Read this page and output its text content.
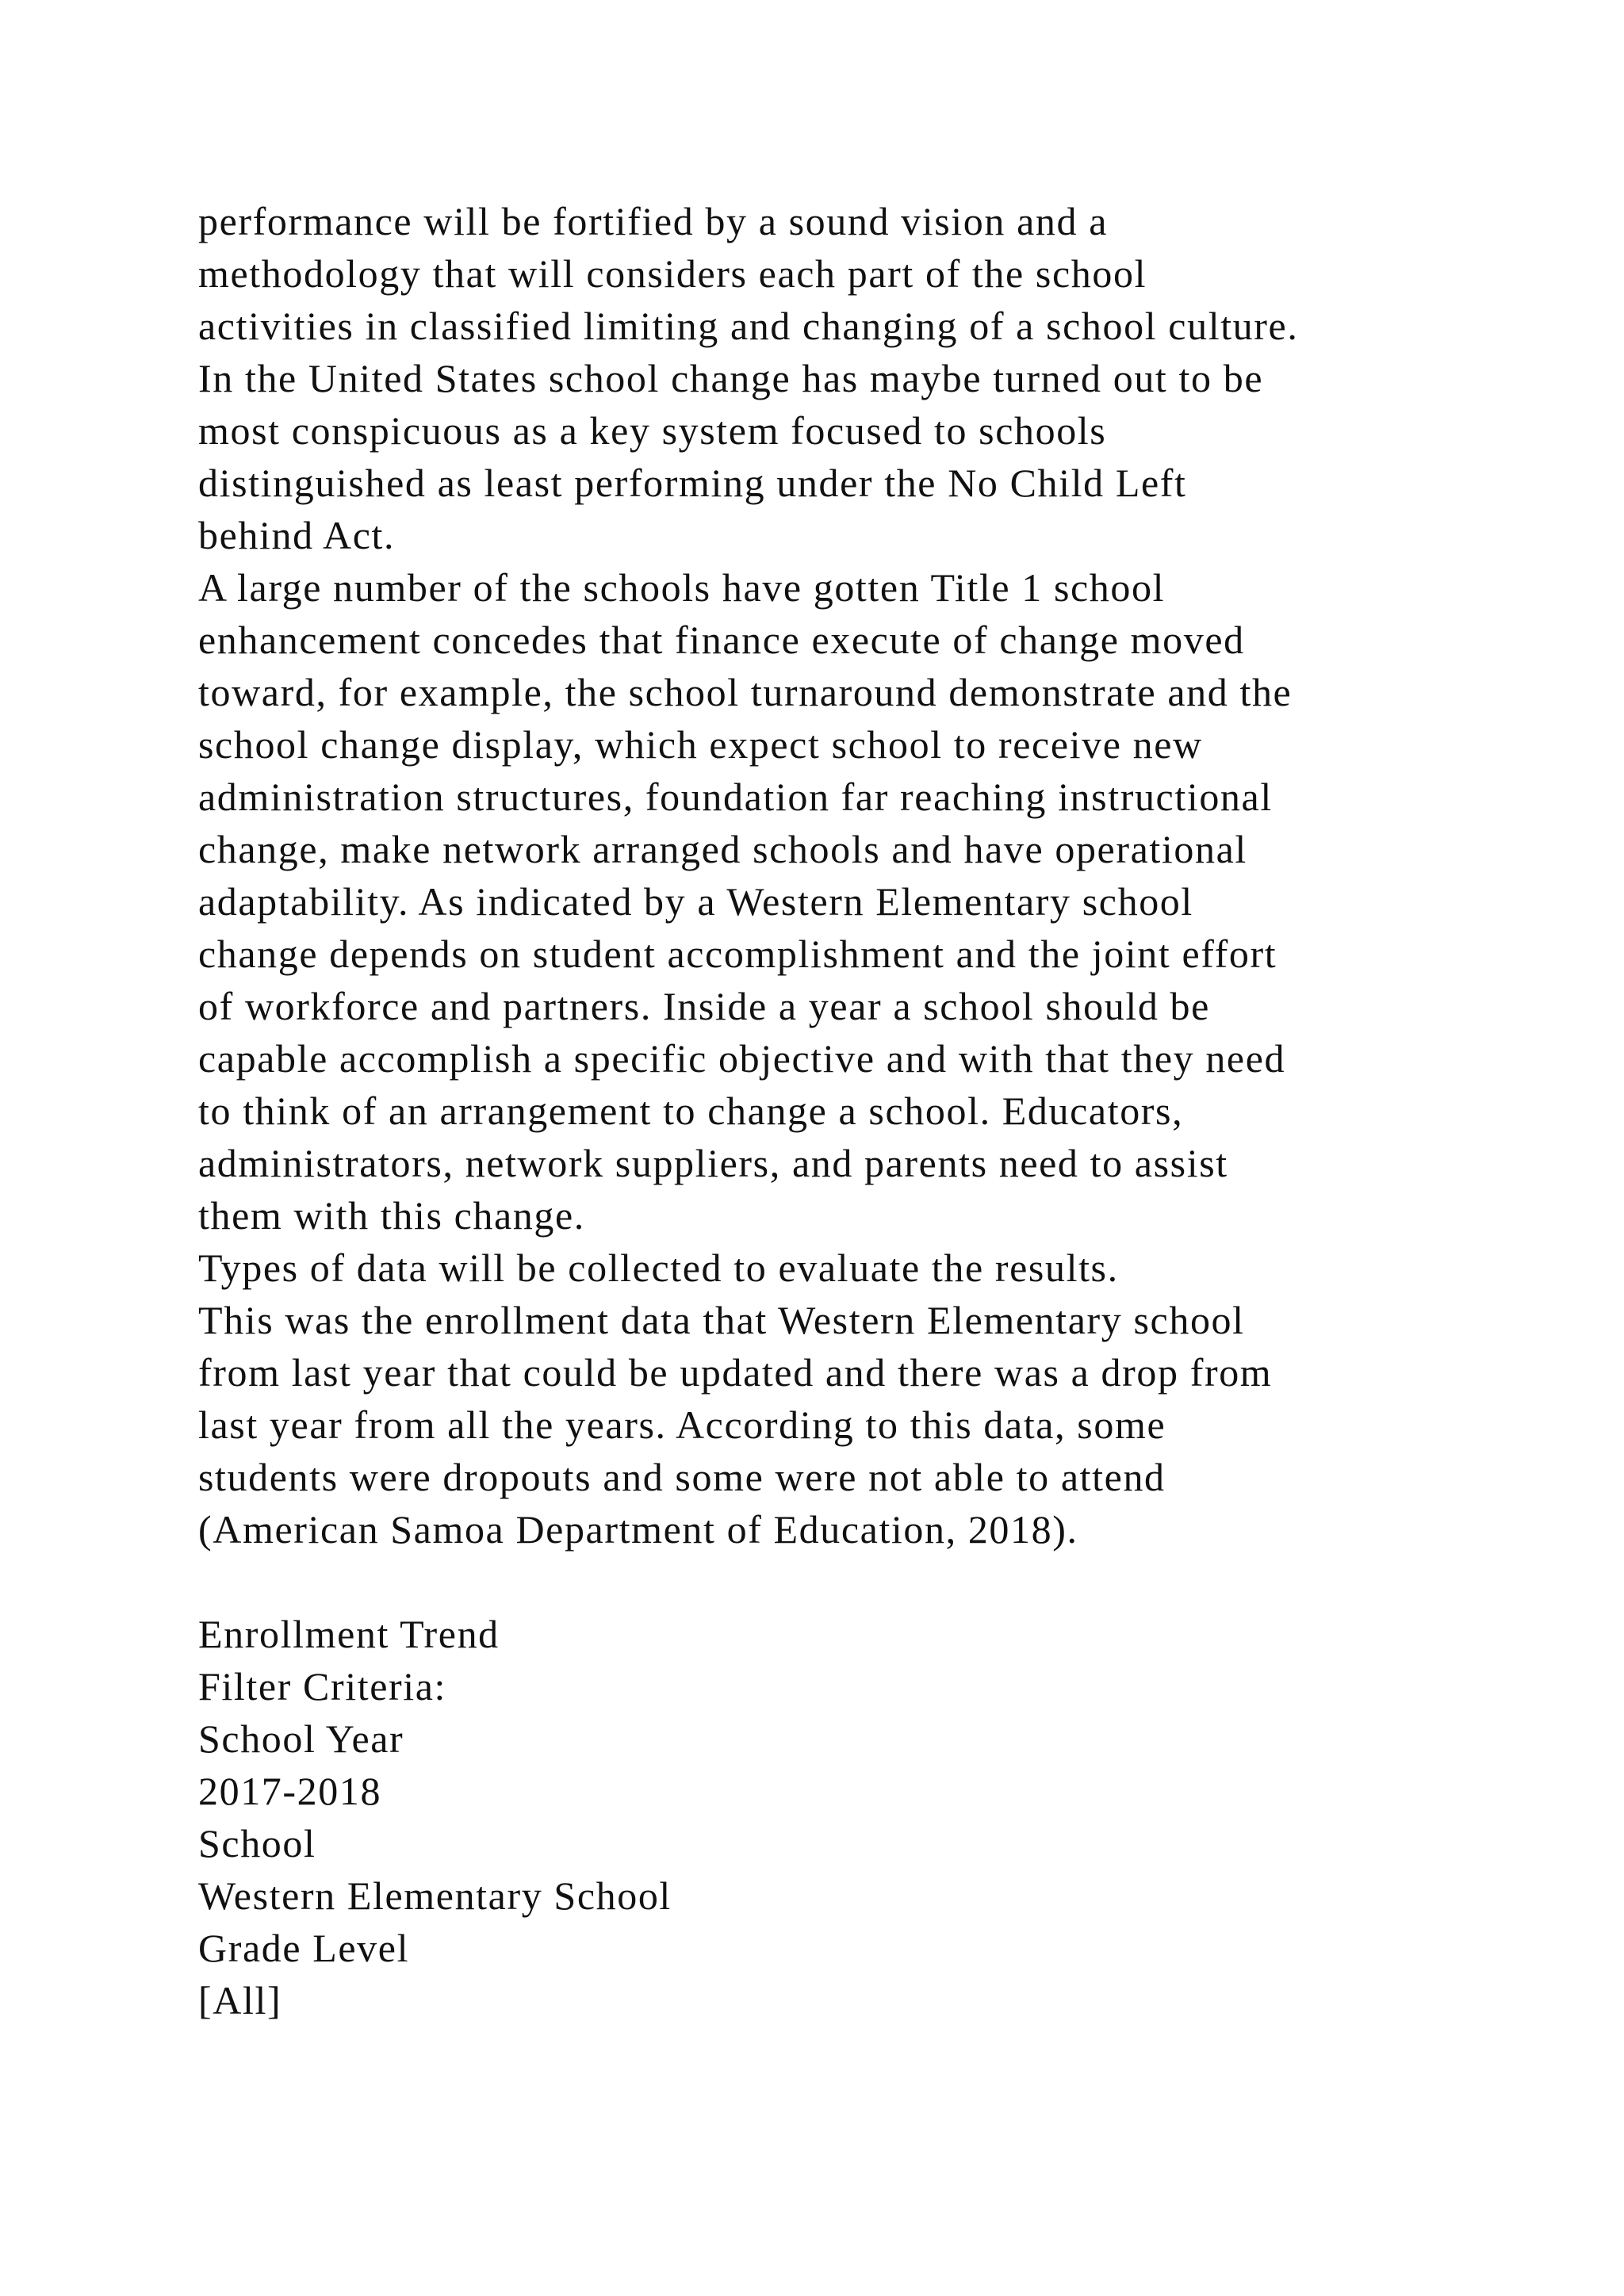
performance will be fortified by a sound vision and a
methodology that will considers each part of the school
activities in classified limiting and changing of a school culture.
In the United States school change has maybe turned out to be
most conspicuous as a key system focused to schools
distinguished as least performing under the No Child Left
behind Act.
A large number of the schools have gotten Title 1 school
enhancement concedes that finance execute of change moved
toward, for example, the school turnaround demonstrate and the
school change display, which expect school to receive new
administration structures, foundation far reaching instructional
change, make network arranged schools and have operational
adaptability. As indicated by a Western Elementary school
change depends on student accomplishment and the joint effort
of workforce and partners. Inside a year a school should be
capable accomplish a specific objective and with that they need
to think of an arrangement to change a school. Educators,
administrators, network suppliers, and parents need to assist
them with this change.
Types of data will be collected to evaluate the results.
This was the enrollment data that Western Elementary school
from last year that could be updated and there was a drop from
last year from all the years. According to this data, some
students were dropouts and some were not able to attend
(American Samoa Department of Education, 2018).
Enrollment Trend
Filter Criteria:
School Year
2017-2018
School
Western Elementary School
Grade Level
[All]
